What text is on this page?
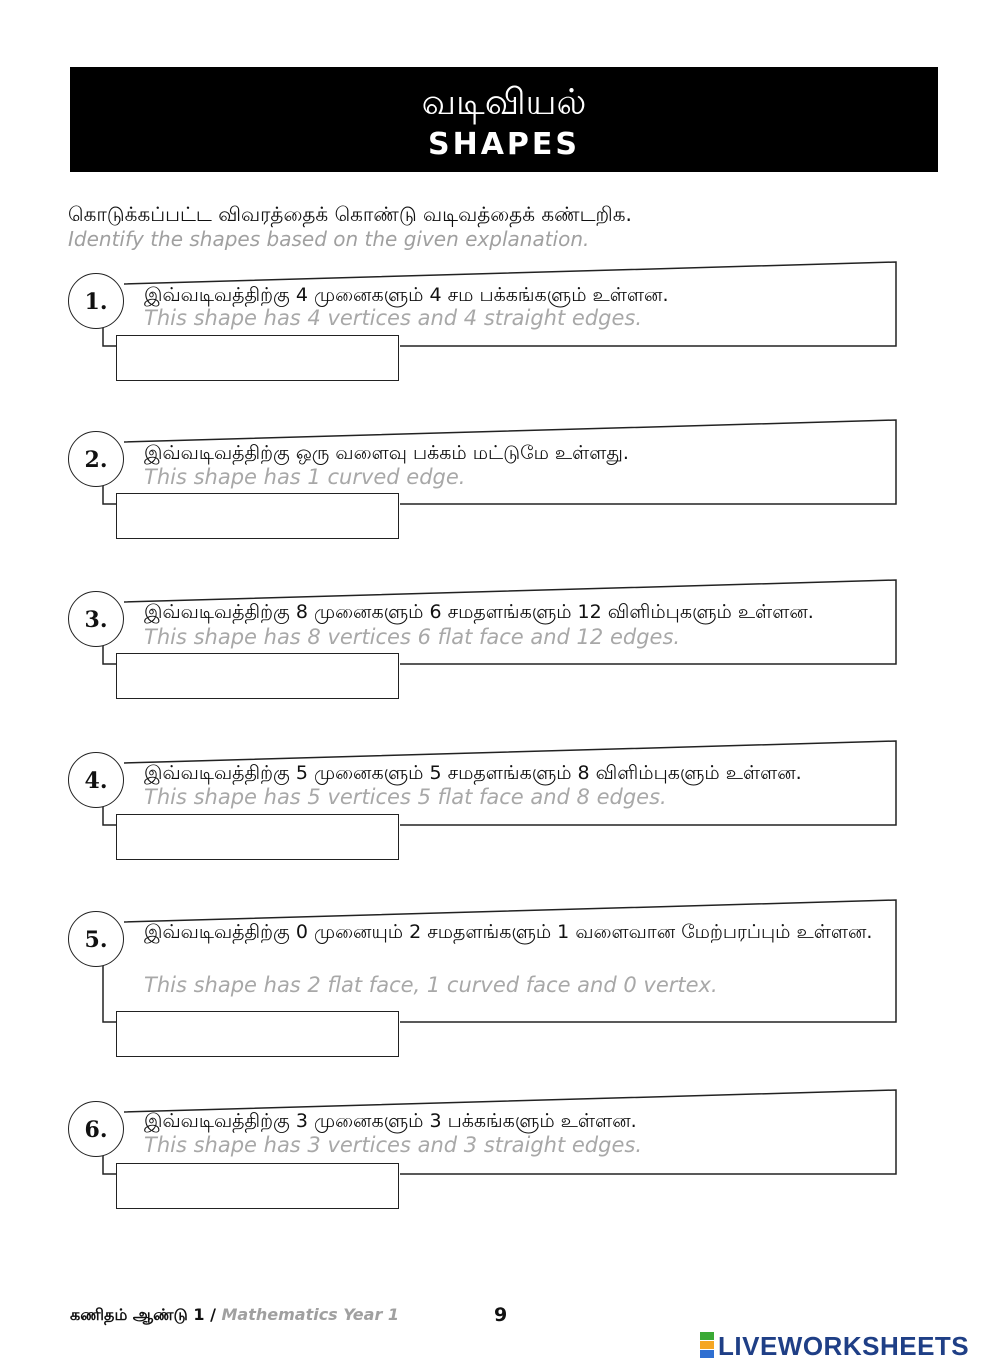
வடிவியல்
SHAPES
கொடுக்கப்பட்ட விவரத்தைக் கொண்டு வடிவத்தைக் கண்டறிக.
Identify the shapes based on the given explanation.
1.	இவ்வடிவத்திற்கு 4 முனைகளும் 4 சம பக்கங்களும் உள்ளன.
This shape has 4 vertices and 4 straight edges.
2.	இவ்வடிவத்திற்கு ஒரு வளைவு பக்கம் மட்டுமே உள்ளது.
This shape has 1 curved edge.
3.	இவ்வடிவத்திற்கு 8 முனைகளும் 6 சமதளங்களும் 12 விளிம்புகளும் உள்ளன.
This shape has 8 vertices 6 flat face and 12 edges.
4.	இவ்வடிவத்திற்கு 5 முனைகளும் 5 சமதளங்களும் 8 விளிம்புகளும் உள்ளன.
This shape has 5 vertices 5 flat face and 8 edges.
5.	இவ்வடிவத்திற்கு 0 முனையும் 2 சமதளங்களும் 1 வளைவான மேற்பரப்பும் உள்ளன.
This shape has 2 flat face, 1 curved face and 0 vertex.
6.	இவ்வடிவத்திற்கு 3 முனைகளும் 3 பக்கங்களும் உள்ளன.
This shape has 3 vertices and 3 straight edges.
கணிதம் ஆண்டு 1 / Mathematics Year 1	9
LIVEWORKSHEETS
